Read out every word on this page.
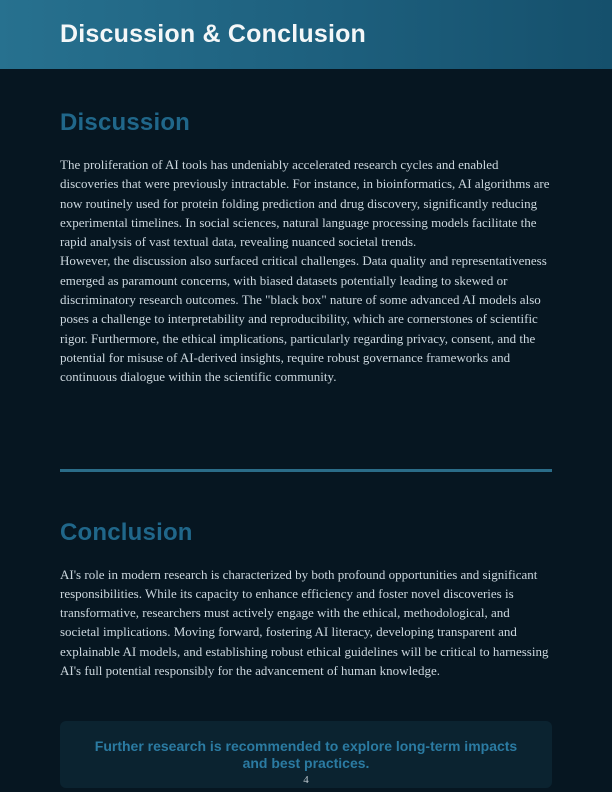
Discussion & Conclusion
Discussion

The proliferation of AI tools has undeniably accelerated research cycles and enabled discoveries that were previously intractable. For instance, in bioinformatics, AI algorithms are now routinely used for protein folding prediction and drug discovery, significantly reducing experimental timelines. In social sciences, natural language processing models facilitate the rapid analysis of vast textual data, revealing nuanced societal trends.

However, the discussion also surfaced critical challenges. Data quality and representativeness emerged as paramount concerns, with biased datasets potentially leading to skewed or discriminatory research outcomes. The "black box" nature of some advanced AI models also poses a challenge to interpretability and reproducibility, which are cornerstones of scientific rigor. Furthermore, the ethical implications, particularly regarding privacy, consent, and the potential for misuse of AI-derived insights, require robust governance frameworks and continuous dialogue within the scientific community.

Conclusion

AI's role in modern research is characterized by both profound opportunities and significant responsibilities. While its capacity to enhance efficiency and foster novel discoveries is transformative, researchers must actively engage with the ethical, methodological, and societal implications. Moving forward, fostering AI literacy, developing transparent and explainable AI models, and establishing robust ethical guidelines will be critical to harnessing AI's full potential responsibly for the advancement of human knowledge.

Further research is recommended to explore long-term impacts and best practices.
4
